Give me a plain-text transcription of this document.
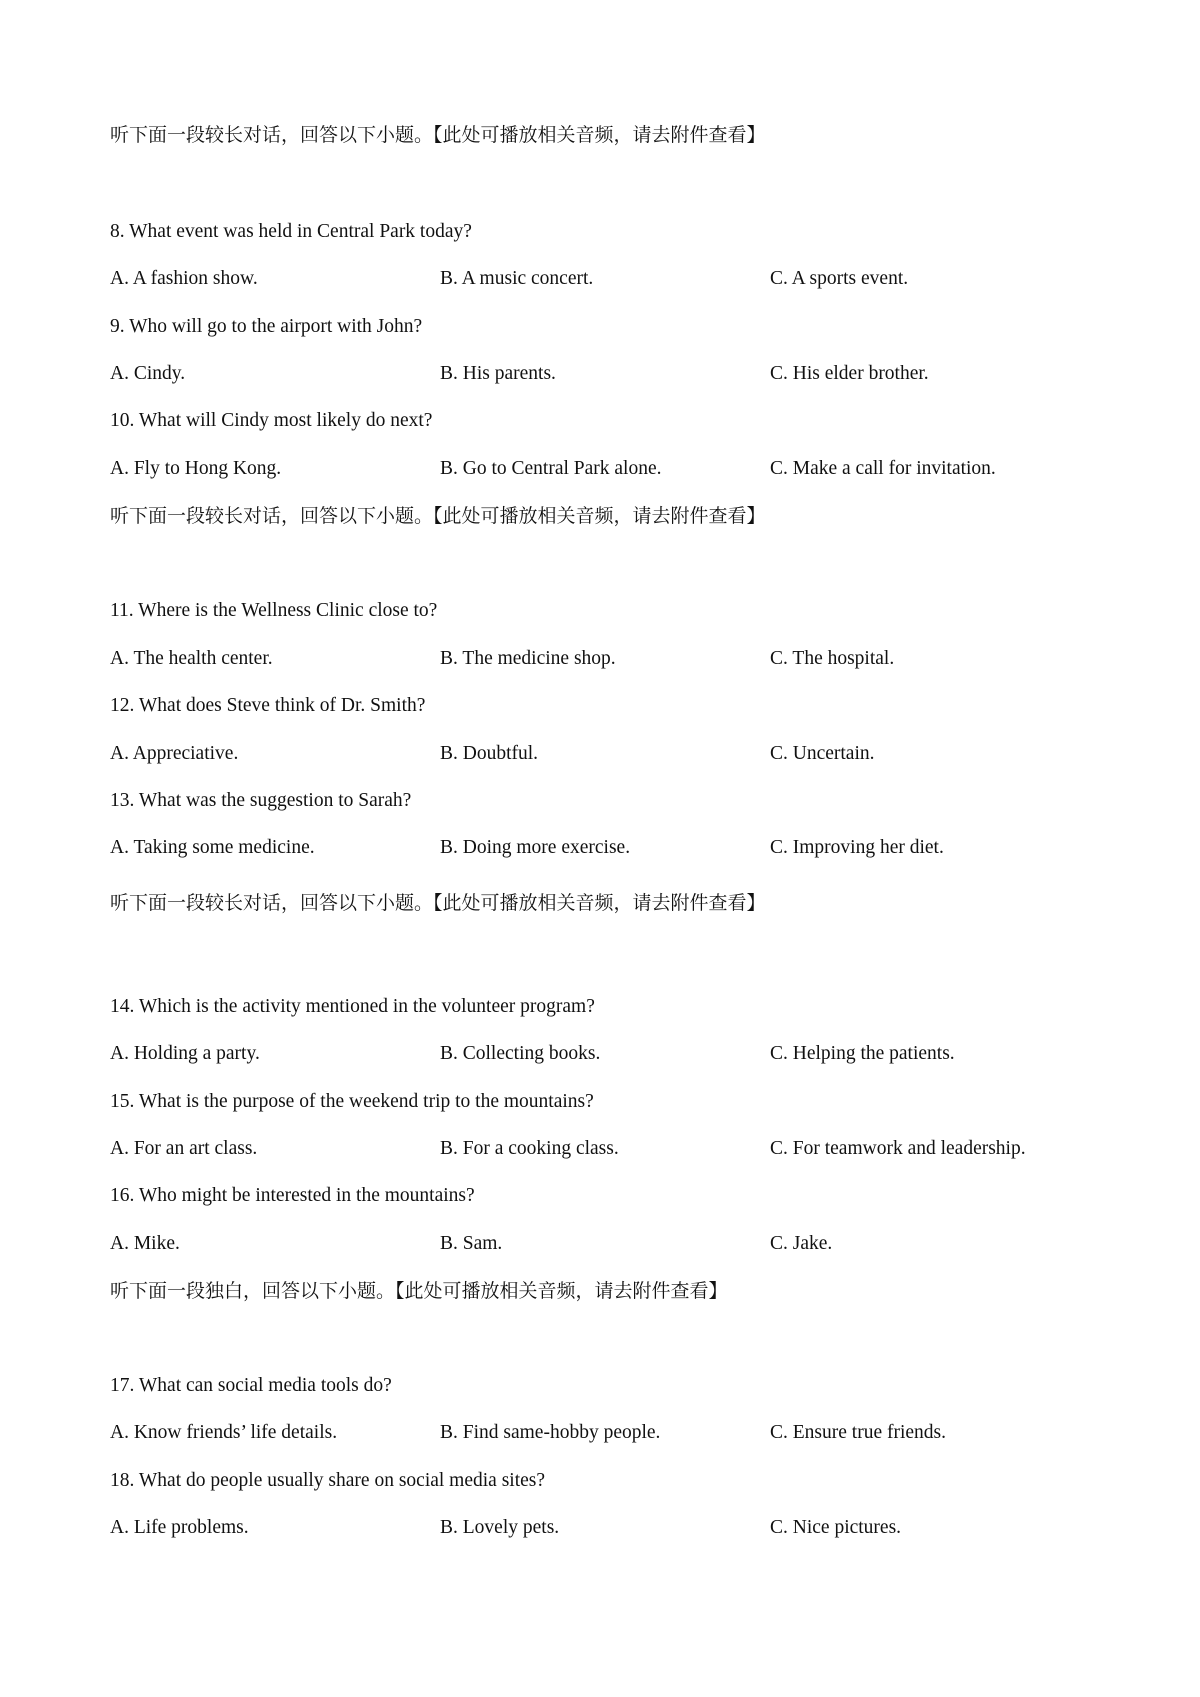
听下面一段较长对话，回答以下小题。【此处可播放相关音频，请去附件查看】
8. What event was held in Central Park today?
A. A fashion show.	B. A music concert.	C. A sports event.
9. Who will go to the airport with John?
A. Cindy.	B. His parents.	C. His elder brother.
10. What will Cindy most likely do next?
A. Fly to Hong Kong.	B. Go to Central Park alone.	C. Make a call for invitation.
听下面一段较长对话，回答以下小题。【此处可播放相关音频，请去附件查看】
11. Where is the Wellness Clinic close to?
A. The health center.	B. The medicine shop.	C. The hospital.
12. What does Steve think of Dr. Smith?
A. Appreciative.	B. Doubtful.	C. Uncertain.
13. What was the suggestion to Sarah?
A. Taking some medicine.	B. Doing more exercise.	C. Improving her diet.
听下面一段较长对话，回答以下小题。【此处可播放相关音频，请去附件查看】
14. Which is the activity mentioned in the volunteer program?
A. Holding a party.	B. Collecting books.	C. Helping the patients.
15. What is the purpose of the weekend trip to the mountains?
A. For an art class.	B. For a cooking class.	C. For teamwork and leadership.
16. Who might be interested in the mountains?
A. Mike.	B. Sam.	C. Jake.
听下面一段独白，回答以下小题。【此处可播放相关音频，请去附件查看】
17. What can social media tools do?
A. Know friends’ life details.	B. Find same-hobby people.	C. Ensure true friends.
18. What do people usually share on social media sites?
A. Life problems.	B. Lovely pets.	C. Nice pictures.
